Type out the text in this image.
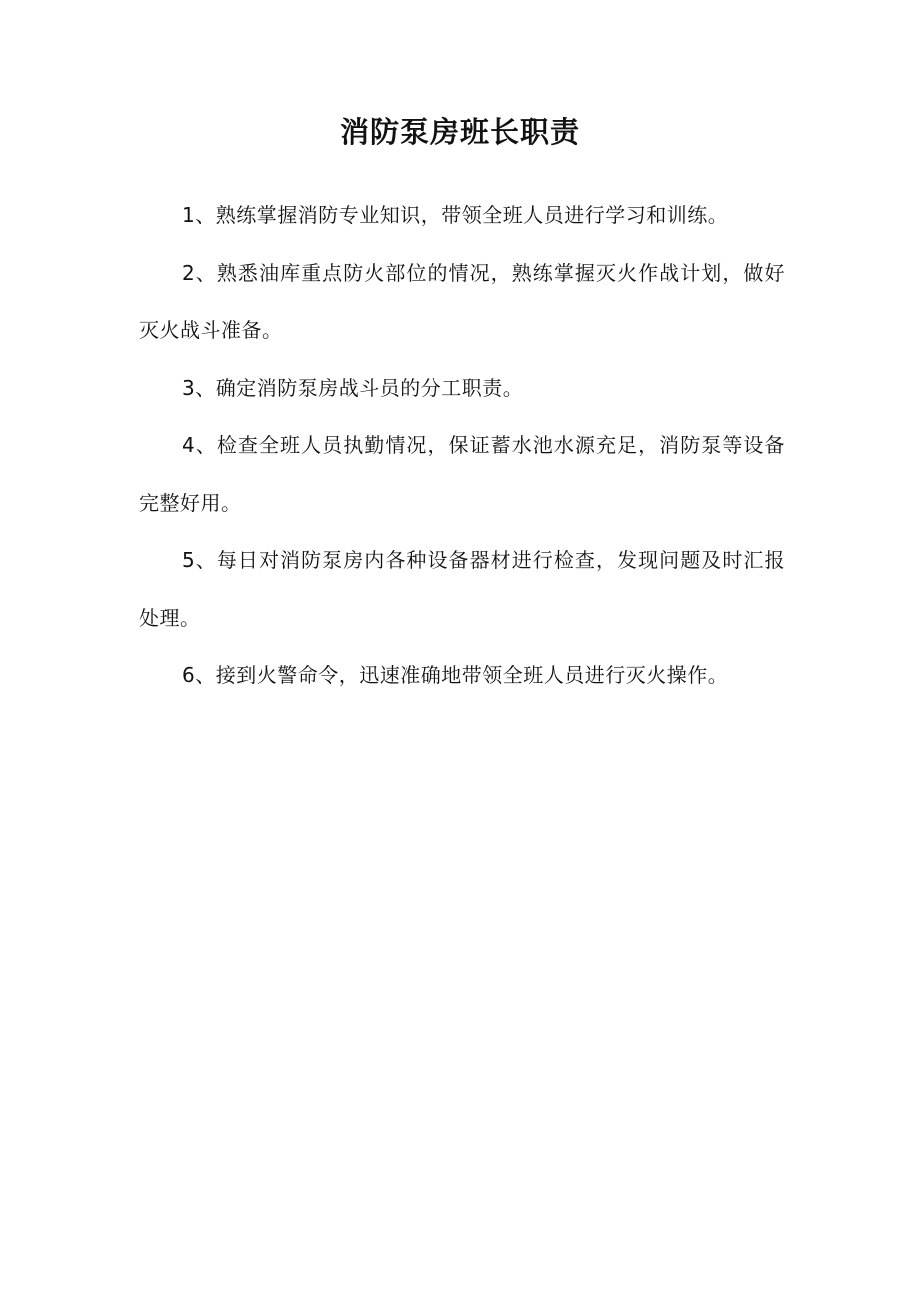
消防泵房班长职责

1、熟练掌握消防专业知识，带领全班人员进行学习和训练。

2、熟悉油库重点防火部位的情况，熟练掌握灭火作战计划，做好灭火战斗准备。

3、确定消防泵房战斗员的分工职责。

4、检查全班人员执勤情况，保证蓄水池水源充足，消防泵等设备完整好用。

5、每日对消防泵房内各种设备器材进行检查，发现问题及时汇报处理。

6、接到火警命令，迅速准确地带领全班人员进行灭火操作。
